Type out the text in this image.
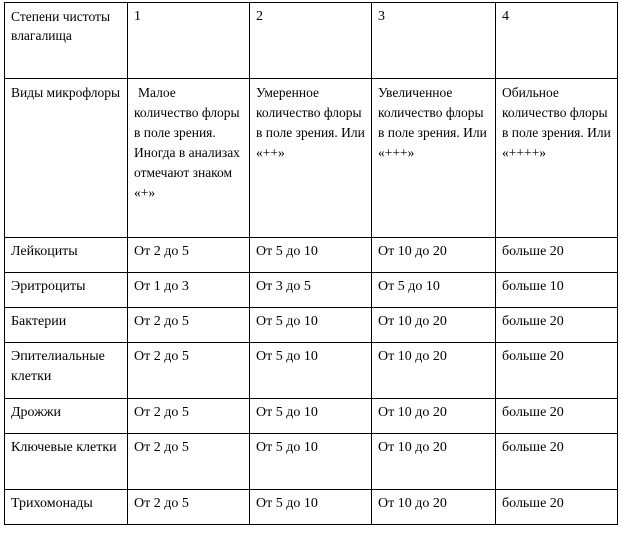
Степени чистоты влагалища	1	2	3	4
Виды микрофлоры	Малое количество флоры в поле зрения. Иногда в анализах отмечают знаком «+»	Умеренное количество флоры в поле зрения. Или «++»	Увеличенное количество флоры в поле зрения. Или «+++»	Обильное количество флоры в поле зрения. Или «++++»
Лейкоциты	От 2 до 5	От 5 до 10	От 10 до 20	больше 20
Эритроциты	От 1 до 3	От 3 до 5	От 5 до 10	больше 10
Бактерии	От 2 до 5	От 5 до 10	От 10 до 20	больше 20
Эпителиальные клетки	От 2 до 5	От 5 до 10	От 10 до 20	больше 20
Дрожжи	От 2 до 5	От 5 до 10	От 10 до 20	больше 20
Ключевые клетки	От 2 до 5	От 5 до 10	От 10 до 20	больше 20
Трихомонады	От 2 до 5	От 5 до 10	От 10 до 20	больше 20
